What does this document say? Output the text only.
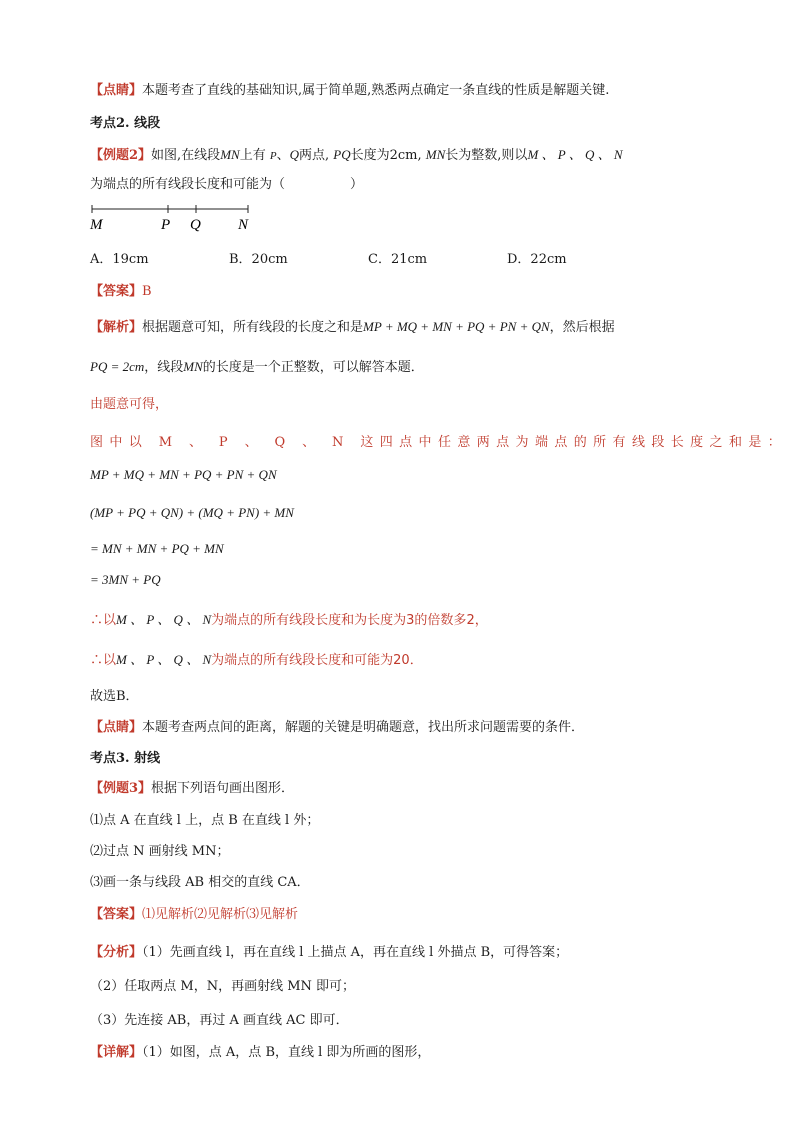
【点睛】本题考查了直线的基础知识,属于简单题,熟悉两点确定一条直线的性质是解题关键.
考点2. 线段
【例题2】如图,在线段MN上有 P、Q两点, PQ长度为2cm, MN长为整数,则以M 、 P 、 Q 、 N
为端点的所有线段长度和可能为（　　　　　）
M	P Q N
A．19cm	B．20cm	C．21cm	D．22cm
【答案】B
【解析】根据题意可知，所有线段的长度之和是MP + MQ + MN + PQ + PN + QN，然后根据
PQ = 2cm，线段MN的长度是一个正整数，可以解答本题．
由题意可得，
图中以 M 、 P 、 Q 、 N 这四点中任意两点为端点的所有线段长度之和是：
MP + MQ + MN + PQ + PN + QN
(MP + PQ + QN) + (MQ + PN) + MN
= MN + MN + PQ + MN
= 3MN + PQ
∴以M 、 P 、 Q 、 N为端点的所有线段长度和为长度为3的倍数多2，
∴以M 、 P 、 Q 、 N为端点的所有线段长度和可能为20．
故选B．
【点睛】本题考查两点间的距离，解题的关键是明确题意，找出所求问题需要的条件．
考点3. 射线
【例题3】根据下列语句画出图形．
⑴点 A 在直线 l 上，点 B 在直线 l 外；
⑵过点 N 画射线 MN；
⑶画一条与线段 AB 相交的直线 CA．
【答案】⑴见解析⑵见解析⑶见解析
【分析】（1）先画直线 l，再在直线 l 上描点 A，再在直线 l 外描点 B，可得答案；
（2）任取两点 M，N，再画射线 MN 即可；
（3）先连接 AB，再过 A 画直线 AC 即可．
【详解】（1）如图，点 A，点 B，直线 l 即为所画的图形，
